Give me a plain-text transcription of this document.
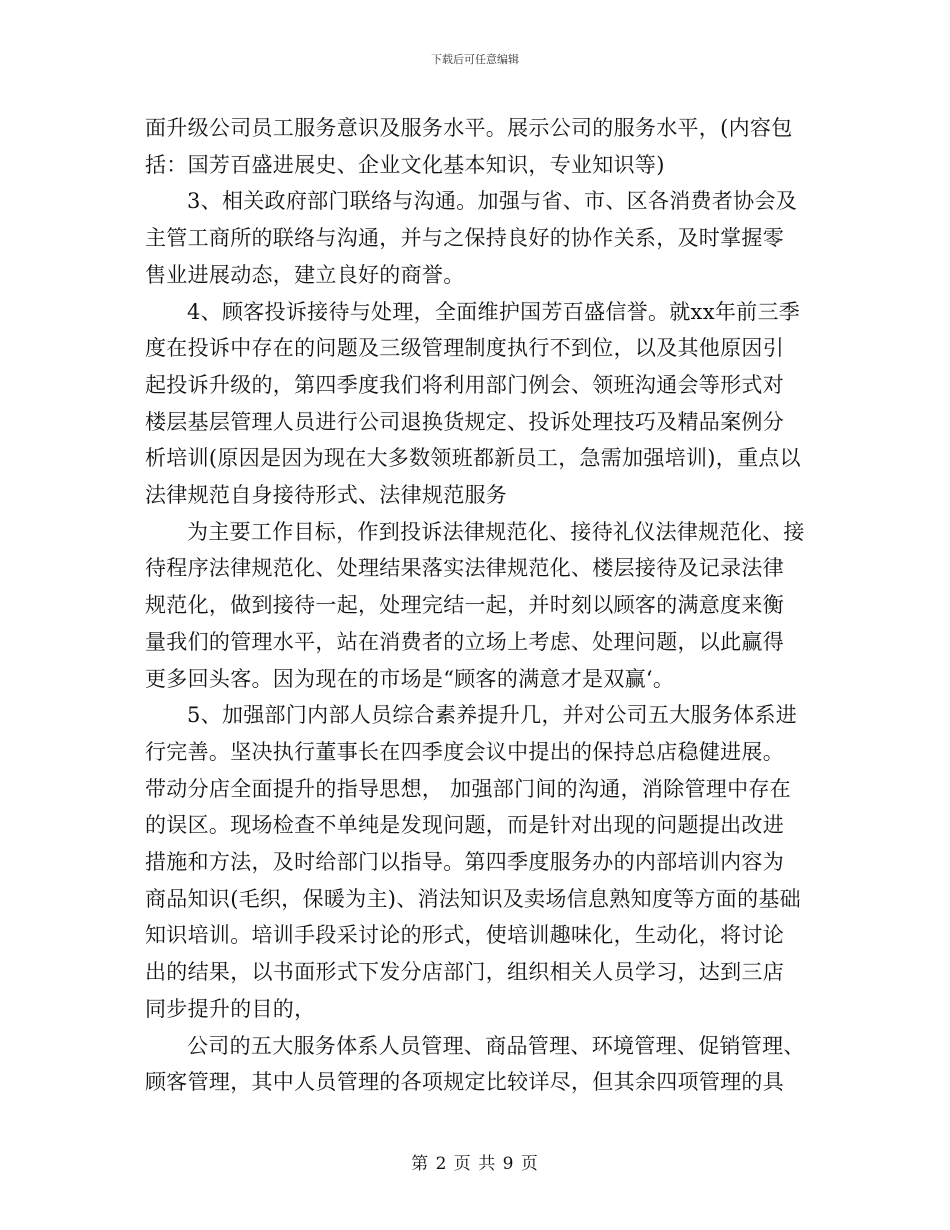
下载后可任意编辑

面升级公司员工服务意识及服务水平。展示公司的服务水平，(内容包括：国芳百盛进展史、企业文化基本知识，专业知识等)

3、相关政府部门联络与沟通。加强与省、市、区各消费者协会及主管工商所的联络与沟通，并与之保持良好的协作关系，及时掌握零售业进展动态，建立良好的商誉。

4、顾客投诉接待与处理，全面维护国芳百盛信誉。就xx年前三季度在投诉中存在的问题及三级管理制度执行不到位，以及其他原因引起投诉升级的，第四季度我们将利用部门例会、领班沟通会等形式对楼层基层管理人员进行公司退换货规定、投诉处理技巧及精品案例分析培训(原因是因为现在大多数领班都新员工，急需加强培训)，重点以法律规范自身接待形式、法律规范服务

为主要工作目标，作到投诉法律规范化、接待礼仪法律规范化、接待程序法律规范化、处理结果落实法律规范化、楼层接待及记录法律规范化，做到接待一起，处理完结一起，并时刻以顾客的满意度来衡量我们的管理水平，站在消费者的立场上考虑、处理问题，以此赢得更多回头客。因为现在的市场是“顾客的满意才是双赢‘。

5、加强部门内部人员综合素养提升几，并对公司五大服务体系进行完善。坚决执行董事长在四季度会议中提出的保持总店稳健进展。带动分店全面提升的指导思想， 加强部门间的沟通，消除管理中存在的误区。现场检查不单纯是发现问题，而是针对出现的问题提出改进措施和方法，及时给部门以指导。第四季度服务办的内部培训内容为商品知识(毛织，保暖为主)、消法知识及卖场信息熟知度等方面的基础知识培训。培训手段采讨论的形式，使培训趣味化，生动化，将讨论出的结果，以书面形式下发分店部门，组织相关人员学习，达到三店同步提升的目的，

公司的五大服务体系人员管理、商品管理、环境管理、促销管理、顾客管理，其中人员管理的各项规定比较详尽，但其余四项管理的具

第 2 页 共 9 页
